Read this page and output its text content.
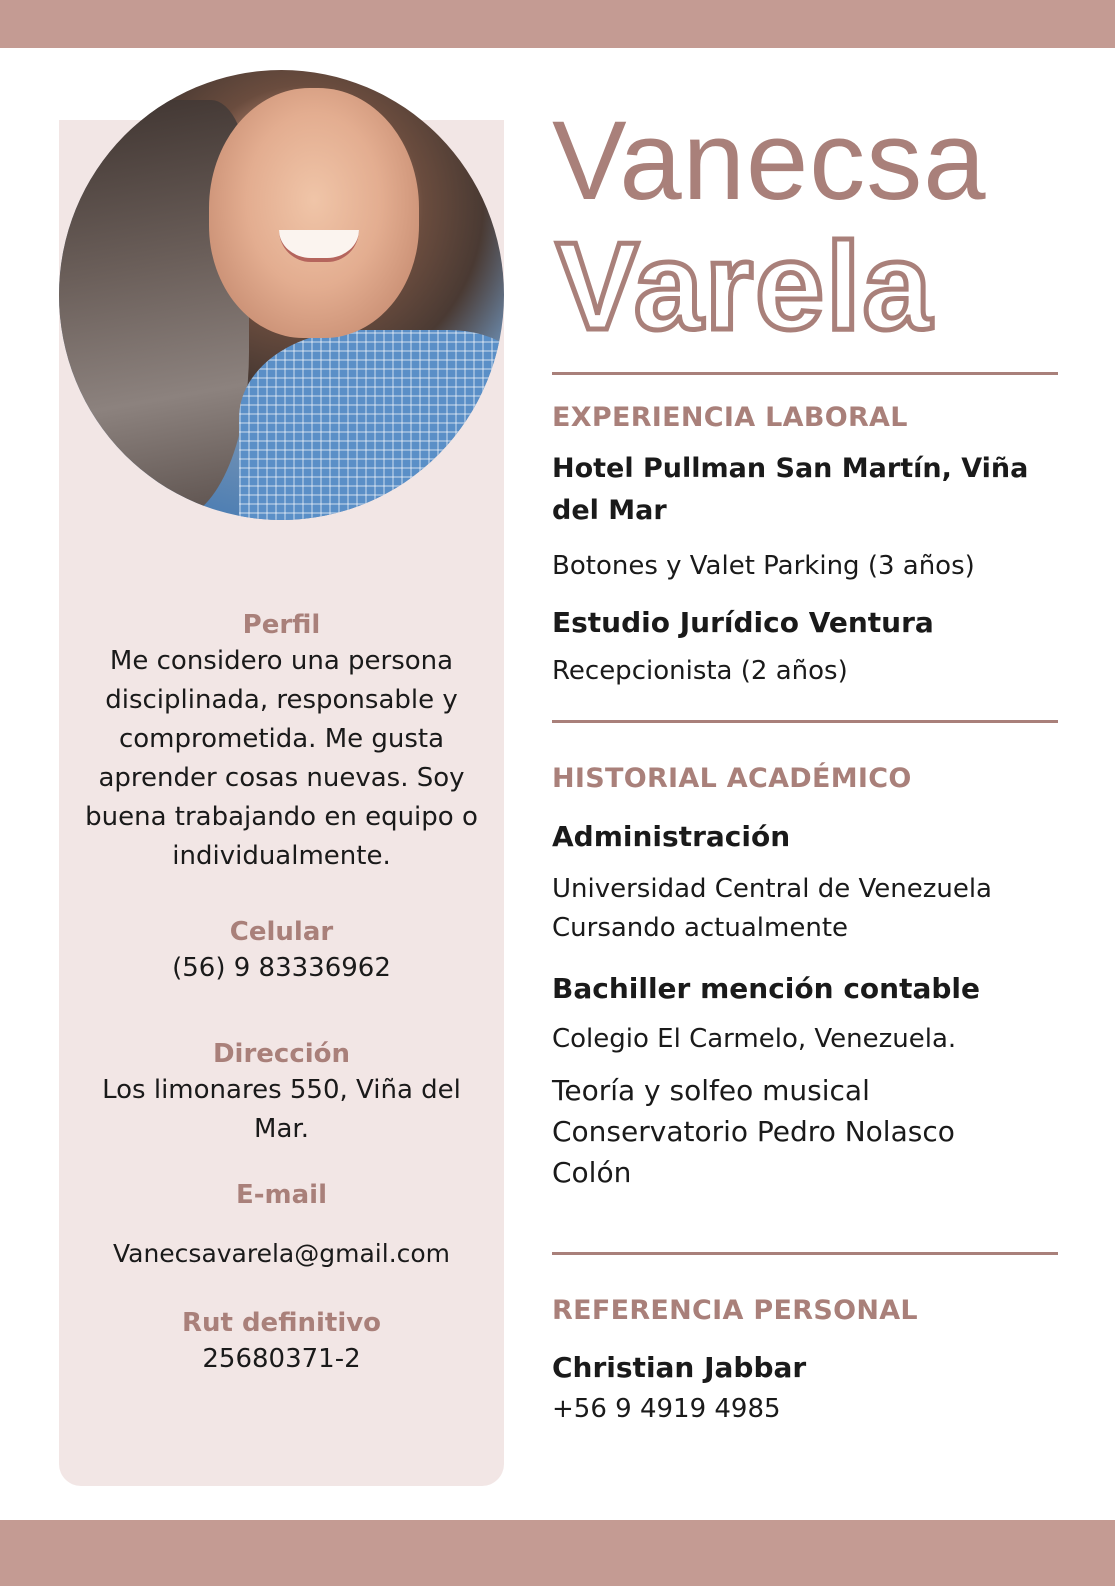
Perfil
Me considero una persona disciplinada, responsable y comprometida. Me gusta aprender cosas nuevas. Soy buena trabajando en equipo o individualmente.
Celular
(56) 9 83336962
Dirección
Los limonares 550, Viña del Mar.
E-mail
Vanecsavarela@gmail.com
Rut definitivo
25680371-2
Vanecsa
Varela
EXPERIENCIA LABORAL
Hotel Pullman San Martín, Viña del Mar
Botones y Valet Parking (3 años)
Estudio Jurídico Ventura
Recepcionista (2 años)
HISTORIAL ACADÉMICO
Administración
Universidad Central de Venezuela
Cursando actualmente
Bachiller mención contable
Colegio El Carmelo, Venezuela.
Teoría y solfeo musical
Conservatorio Pedro Nolasco Colón
REFERENCIA PERSONAL
Christian Jabbar
+56 9 4919 4985
